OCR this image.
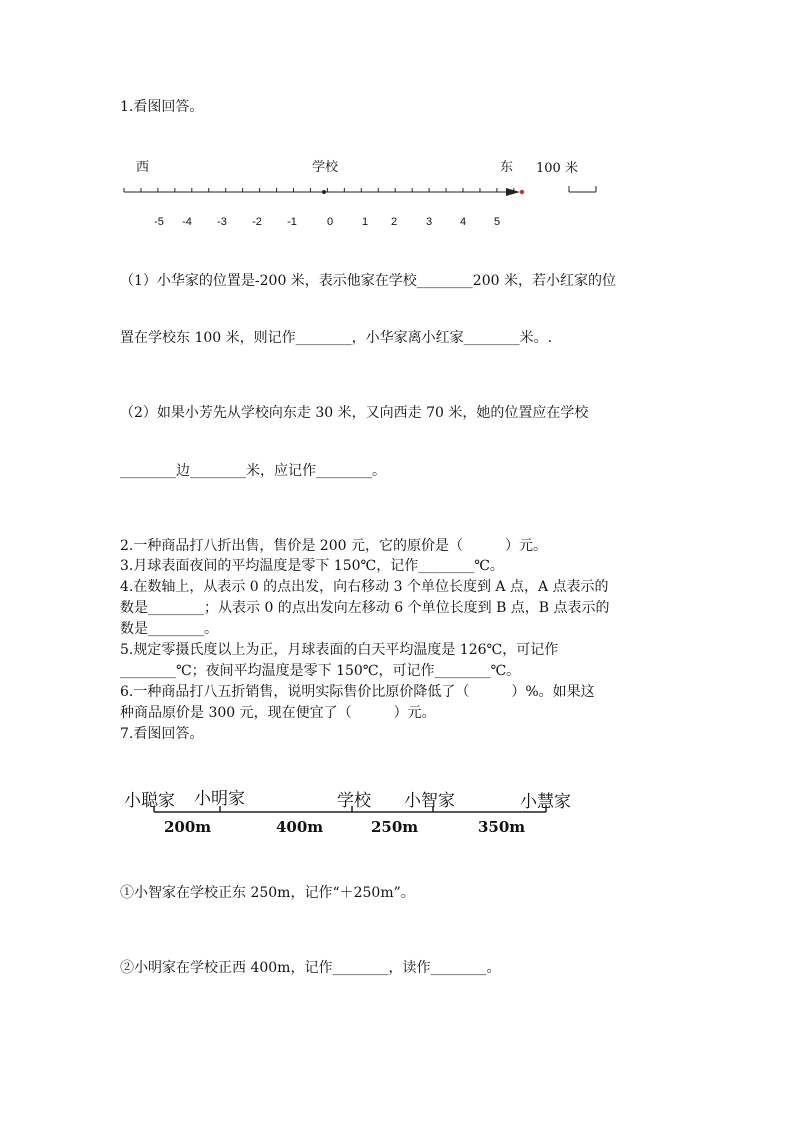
1.看图回答。
西	学校	东 100 米
-5 -4 -3 -2 -1	0	1 2	3	4	5
（1）小华家的位置是-200 米，表示他家在学校________200 米，若小红家的位
置在学校东 100 米，则记作________，小华家离小红家________米。.
（2）如果小芳先从学校向东走 30 米，又向西走 70 米，她的位置应在学校
________边________米，应记作________。
2.一种商品打八折出售，售价是 200 元，它的原价是（　　　）元。
3.月球表面夜间的平均温度是零下 150℃，记作________℃。
4.在数轴上，从表示 0 的点出发，向右移动 3 个单位长度到 A 点，A 点表示的
数是________；从表示 0 的点出发向左移动 6 个单位长度到 B 点，B 点表示的
数是________。
5.规定零摄氏度以上为正，月球表面的白天平均温度是 126℃，可记作
________℃；夜间平均温度是零下 150℃，可记作________℃。
6.一种商品打八五折销售，说明实际售价比原价降低了（　　　）%。如果这
种商品原价是 300 元，现在便宜了（　　　）元。
7.看图回答。
小聪家 小明家	学校 小智家	小慧家
200m	400m	250m	350m
①小智家在学校正东 250m，记作“＋250m”。
②小明家在学校正西 400m，记作________，读作________。
